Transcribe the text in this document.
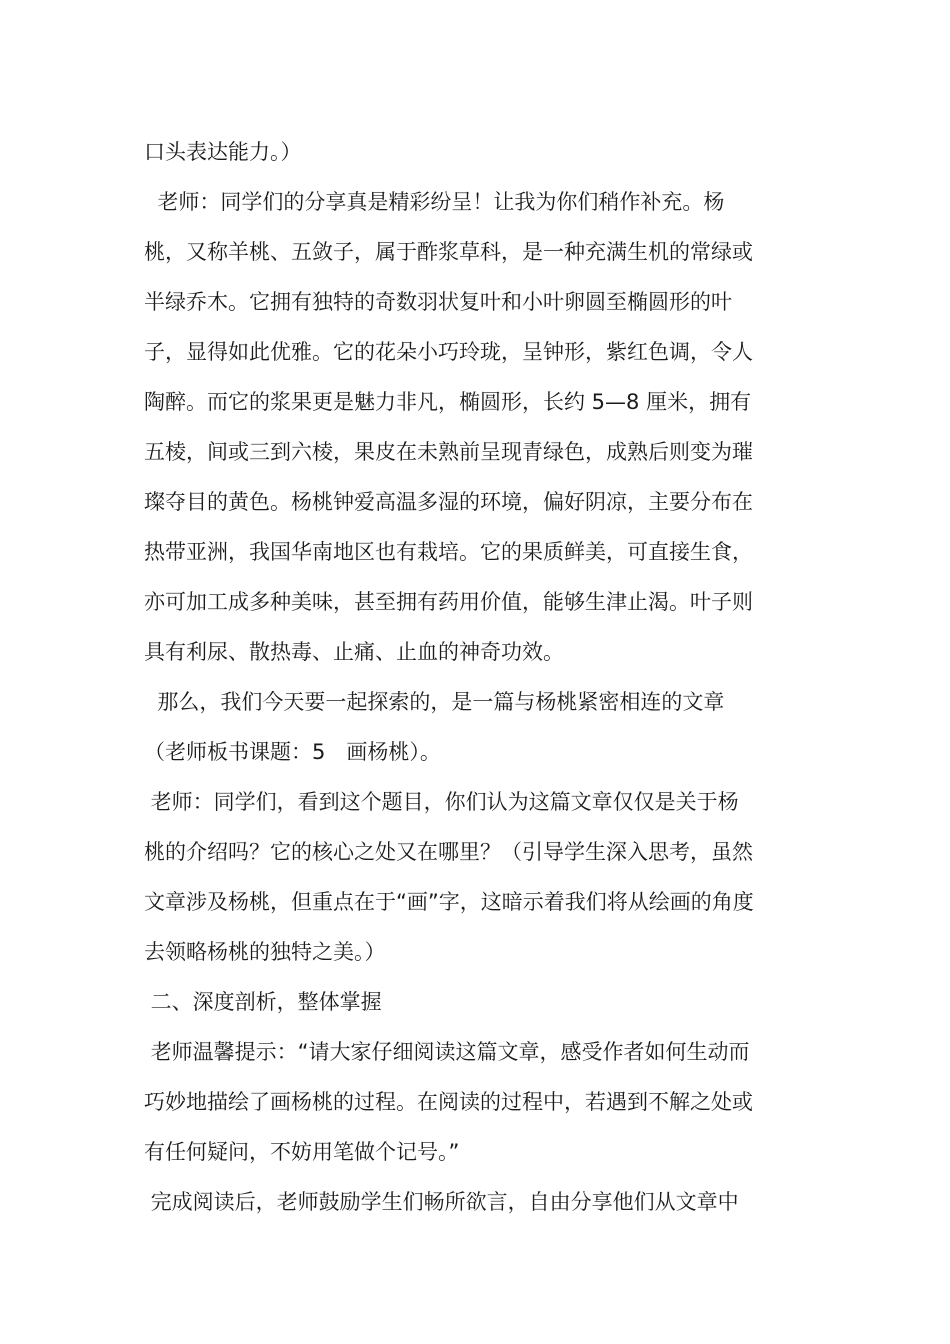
口头表达能力。）
老师：同学们的分享真是精彩纷呈！让我为你们稍作补充。杨
桃，又称羊桃、五敛子，属于酢浆草科，是一种充满生机的常绿或
半绿乔木。它拥有独特的奇数羽状复叶和小叶卵圆至椭圆形的叶
子，显得如此优雅。它的花朵小巧玲珑，呈钟形，紫红色调，令人
陶醉。而它的浆果更是魅力非凡，椭圆形，长约 5—8 厘米，拥有
五棱，间或三到六棱，果皮在未熟前呈现青绿色，成熟后则变为璀
璨夺目的黄色。杨桃钟爱高温多湿的环境，偏好阴凉，主要分布在
热带亚洲，我国华南地区也有栽培。它的果质鲜美，可直接生食，
亦可加工成多种美味，甚至拥有药用价值，能够生津止渴。叶子则
具有利尿、散热毒、止痛、止血的神奇功效。
那么，我们今天要一起探索的，是一篇与杨桃紧密相连的文章
（老师板书课题：5　画杨桃）。
老师：同学们，看到这个题目，你们认为这篇文章仅仅是关于杨
桃的介绍吗？它的核心之处又在哪里？（引导学生深入思考，虽然
文章涉及杨桃，但重点在于“画”字，这暗示着我们将从绘画的角度
去领略杨桃的独特之美。）
二、深度剖析，整体掌握
老师温馨提示：“请大家仔细阅读这篇文章，感受作者如何生动而
巧妙地描绘了画杨桃的过程。在阅读的过程中，若遇到不解之处或
有任何疑问，不妨用笔做个记号。”
完成阅读后，老师鼓励学生们畅所欲言，自由分享他们从文章中
